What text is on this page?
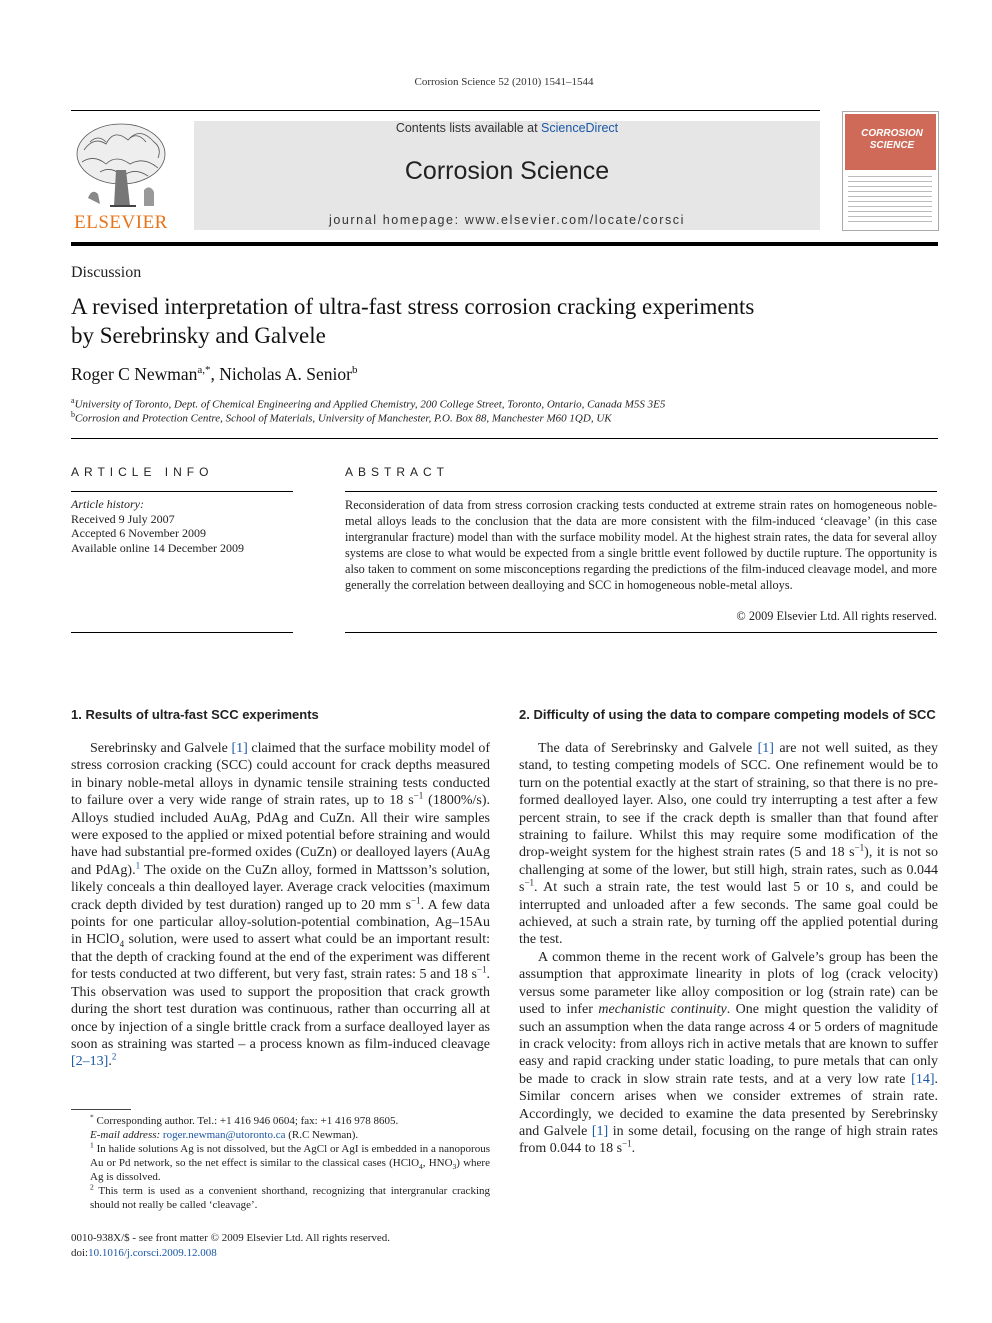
Corrosion Science 52 (2010) 1541–1544
ELSEVIER
Contents lists available at ScienceDirect
Corrosion Science
journal homepage: www.elsevier.com/locate/corsci
CORROSION
SCIENCE
Discussion
A revised interpretation of ultra-fast stress corrosion cracking experiments
by Serebrinsky and Galvele
Roger C Newman$^{a,*}$, Nicholas A. Senior$^b$
$^a$University of Toronto, Dept. of Chemical Engineering and Applied Chemistry, 200 College Street, Toronto, Ontario, Canada M5S 3E5
$^b$Corrosion and Protection Centre, School of Materials, University of Manchester, P.O. Box 88, Manchester M60 1QD, UK
ARTICLE INFO
Article history:
Received 9 July 2007
Accepted 6 November 2009
Available online 14 December 2009
ABSTRACT
Reconsideration of data from stress corrosion cracking tests conducted at extreme strain rates on homogeneous noble-metal alloys leads to the conclusion that the data are more consistent with the film-induced ‘cleavage’ (in this case intergranular fracture) model than with the surface mobility model. At the highest strain rates, the data for several alloy systems are close to what would be expected from a single brittle event followed by ductile rupture. The opportunity is also taken to comment on some misconceptions regarding the predictions of the film-induced cleavage model, and more generally the correlation between dealloying and SCC in homogeneous noble-metal alloys.
© 2009 Elsevier Ltd. All rights reserved.

1. Results of ultra-fast SCC experiments

Serebrinsky and Galvele [1] claimed that the surface mobility model of stress corrosion cracking (SCC) could account for crack depths measured in binary noble-metal alloys in dynamic tensile straining tests conducted to failure over a very wide range of strain rates, up to 18 $s^{-1}$ (1800%/s). Alloys studied included AuAg, PdAg and CuZn. All their wire samples were exposed to the applied or mixed potential before straining and would have had substantial pre-formed oxides (CuZn) or dealloyed layers (AuAg and PdAg).$^1$ The oxide on the CuZn alloy, formed in Mattsson’s solution, likely conceals a thin dealloyed layer. Average crack velocities (maximum crack depth divided by test duration) ranged up to 20 mm $s^{-1}$. A few data points for one particular alloy-solution-potential combination, Ag–15Au in HClO$_4$ solution, were used to assert what could be an important result: that the depth of cracking found at the end of the experiment was different for tests conducted at two different, but very fast, strain rates: 5 and 18 $s^{-1}$. This observation was used to support the proposition that crack growth during the short test duration was continuous, rather than occurring all at once by injection of a single brittle crack from a surface dealloyed layer as soon as straining was started – a process known as film-induced cleavage [2–13].$^2$

* Corresponding author. Tel.: +1 416 946 0604; fax: +1 416 978 8605.

E-mail address: roger.newman@utoronto.ca (R.C Newman).

$^1$ In halide solutions Ag is not dissolved, but the AgCl or AgI is embedded in a nanoporous Au or Pd network, so the net effect is similar to the classical cases (HClO$_4$, $HNO_3$) where Ag is dissolved.

$^2$ This term is used as a convenient shorthand, recognizing that intergranular cracking should not really be called ‘cleavage’.

0010-938X/$ - see front matter © 2009 Elsevier Ltd. All rights reserved.
doi:10.1016/j.corsci.2009.12.008

2. Difficulty of using the data to compare competing models of SCC

The data of Serebrinsky and Galvele [1] are not well suited, as they stand, to testing competing models of SCC. One refinement would be to turn on the potential exactly at the start of straining, so that there is no pre-formed dealloyed layer. Also, one could try interrupting a test after a few percent strain, to see if the crack depth is smaller than that found after straining to failure. Whilst this may require some modification of the drop-weight system for the highest strain rates (5 and 18 $s^{-1}$), it is not so challenging at some of the lower, but still high, strain rates, such as 0.044 $s^{-1}$. At such a strain rate, the test would last 5 or 10 s, and could be interrupted and unloaded after a few seconds. The same goal could be achieved, at such a strain rate, by turning off the applied potential during the test.

A common theme in the recent work of Galvele’s group has been the assumption that approximate linearity in plots of log (crack velocity) versus some parameter like alloy composition or log (strain rate) can be used to infer mechanistic continuity. One might question the validity of such an assumption when the data range across 4 or 5 orders of magnitude in crack velocity: from alloys rich in active metals that are known to suffer easy and rapid cracking under static loading, to pure metals that can only be made to crack in slow strain rate tests, and at a very low rate [14]. Similar concern arises when we consider extremes of strain rate. Accordingly, we decided to examine the data presented by Serebrinsky and Galvele [1] in some detail, focusing on the range of high strain rates from 0.044 to 18 $s^{-1}$.
